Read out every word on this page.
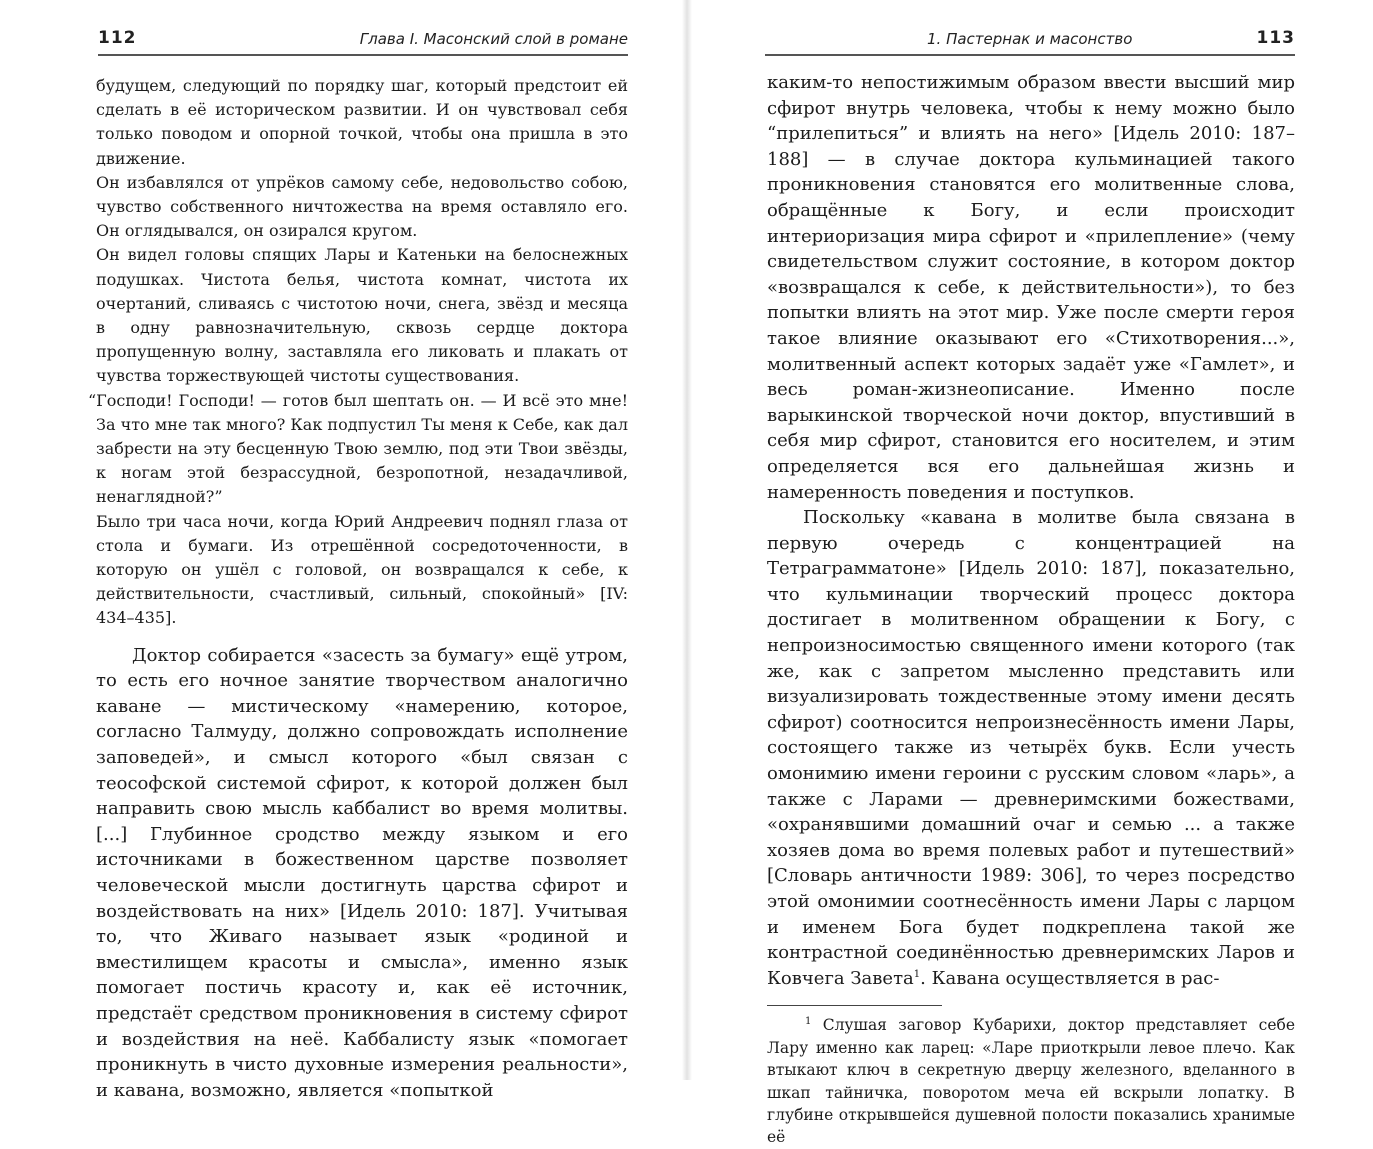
112	Глава I. Масонский слой в романе

будущем, следующий по порядку шаг, который предстоит ей сделать в её историческом развитии. И он чувствовал себя только поводом и опорной точкой, чтобы она пришла в это движение.

Он избавлялся от упрёков самому себе, недовольство собою, чувство собственного ничтожества на время оставляло его. Он оглядывался, он озирался кругом.

Он видел головы спящих Лары и Катеньки на белоснежных подушках. Чистота белья, чистота комнат, чистота их очертаний, сливаясь с чистотою ночи, снега, звёзд и месяца в одну равнозначительную, сквозь сердце доктора пропущенную волну, заставляла его ликовать и плакать от чувства торжествующей чистоты существования.

“Господи! Господи! — готов был шептать он. — И всё это мне! За что мне так много? Как подпустил Ты меня к Себе, как дал забрести на эту бесценную Твою землю, под эти Твои звёзды, к ногам этой безрассудной, безропотной, незадачливой, ненаглядной?”

Было три часа ночи, когда Юрий Андреевич поднял глаза от стола и бумаги. Из отрешённой сосредоточенности, в которую он ушёл с головой, он возвращался к себе, к действительности, счастливый, сильный, спокойный» [IV: 434–435].

Доктор собирается «засесть за бумагу» ещё утром, то есть его ночное занятие творчеством аналогично каване — мистическому «намерению, которое, согласно Талмуду, должно сопровождать исполнение заповедей», и смысл которого «был связан с теософской системой сфирот, к которой должен был направить свою мысль каббалист во время молитвы. [...] Глубинное сродство между языком и его источниками в божественном царстве позволяет человеческой мысли достигнуть царства сфирот и воздействовать на них» [Идель 2010: 187]. Учитывая то, что Живаго называет язык «родиной и вместилищем красоты и смысла», именно язык помогает постичь красоту и, как её источник, предстаёт средством проникновения в систему сфирот и воздействия на неё. Каббалисту язык «помогает проникнуть в чисто духовные измерения реальности», и кавана, возможно, является «попыткой

1. Пастернак и масонство	113

каким-то непостижимым образом ввести высший мир сфирот внутрь человека, чтобы к нему можно было “прилепиться” и влиять на него» [Идель 2010: 187–188] — в случае доктора кульминацией такого проникновения становятся его молитвенные слова, обращённые к Богу, и если происходит интериоризация мира сфирот и «прилепление» (чему свидетельством служит состояние, в котором доктор «возвращался к себе, к действительности»), то без попытки влиять на этот мир. Уже после смерти героя такое влияние оказывают его «Стихотворения...», молитвенный аспект которых задаёт уже «Гамлет», и весь роман-жизнеописание. Именно после варыкинской творческой ночи доктор, впустивший в себя мир сфирот, становится его носителем, и этим определяется вся его дальнейшая жизнь и намеренность поведения и поступков.

Поскольку «кавана в молитве была связана в первую очередь с концентрацией на Тетраграмматоне» [Идель 2010: 187], показательно, что кульминации творческий процесс доктора достигает в молитвенном обращении к Богу, с непроизносимостью священного имени которого (так же, как с запретом мысленно представить или визуализировать тождественные этому имени десять сфирот) соотносится непроизнесённость имени Лары, состоящего также из четырёх букв. Если учесть омонимию имени героини с русским словом «ларь», а также с Ларами — древнеримскими божествами, «охранявшими домашний очаг и семью ... а также хозяев дома во время полевых работ и путешествий» [Словарь античности 1989: 306], то через посредство этой омонимии соотнесённость имени Лары с ларцом и именем Бога будет подкреплена такой же контрастной соединённостью древнеримских Ларов и Ковчега Завета$^1$. Кавана осуществляется в рас-

$^1$ Слушая заговор Кубарихи, доктор представляет себе Лару именно как ларец: «Ларе приоткрыли левое плечо. Как втыкают ключ в секретную дверцу железного, вделанного в шкап тайничка, поворотом меча ей вскрыли лопатку. В глубине открывшейся душевной полости показались хранимые её
